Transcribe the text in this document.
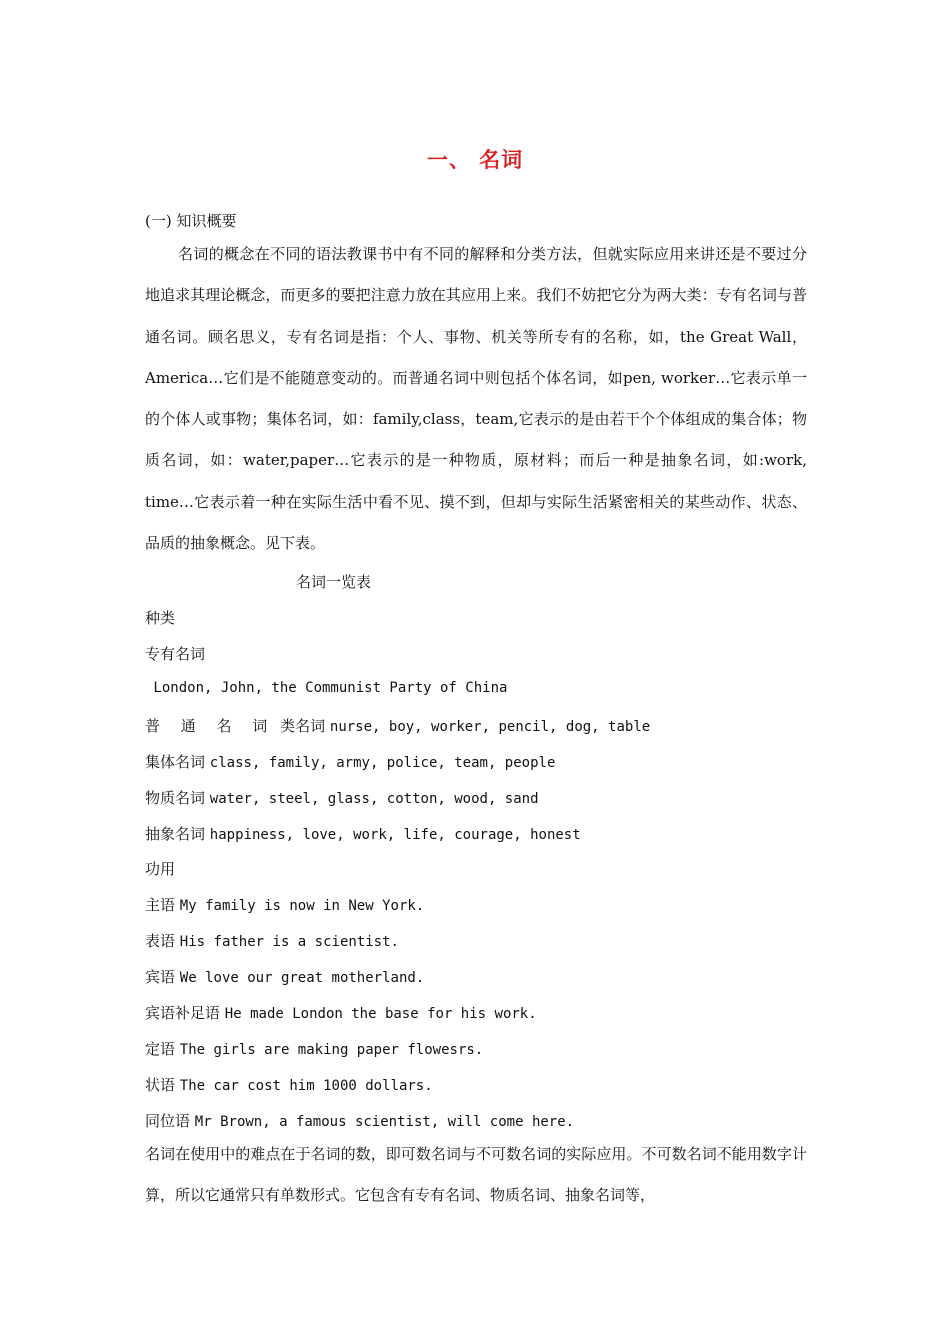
一、 名词
(一) 知识概要
名词的概念在不同的语法教课书中有不同的解释和分类方法，但就实际应用来讲还是不要过分地追求其理论概念，而更多的要把注意力放在其应用上来。我们不妨把它分为两大类：专有名词与普通名词。顾名思义，专有名词是指：个人、事物、机关等所专有的名称，如，the Great Wall， America…它们是不能随意变动的。而普通名词中则包括个体名词，如pen, worker…它表示单一的个体人或事物；集体名词，如：family,class，team,它表示的是由若干个个体组成的集合体；物质名词，如：water,paper…它表示的是一种物质，原材料；而后一种是抽象名词，如:work, time…它表示着一种在实际生活中看不见、摸不到，但却与实际生活紧密相关的某些动作、状态、品质的抽象概念。见下表。
名词一览表
种类
专有名词
London, John, the Communist Party of China
普 通 名 词 类名词 nurse, boy, worker, pencil, dog, table
集体名词 class, family, army, police, team, people
物质名词 water, steel, glass, cotton, wood, sand
抽象名词 happiness, love, work, life, courage, honest
功用
主语 My family is now in New York.
表语 His father is a scientist.
宾语 We love our great motherland.
宾语补足语 He made London the base for his work.
定语 The girls are making paper flowesrs.
状语 The car cost him 1000 dollars.
同位语 Mr Brown, a famous scientist, will come here.
名词在使用中的难点在于名词的数，即可数名词与不可数名词的实际应用。不可数名词不能用数字计算，所以它通常只有单数形式。它包含有专有名词、物质名词、抽象名词等，
